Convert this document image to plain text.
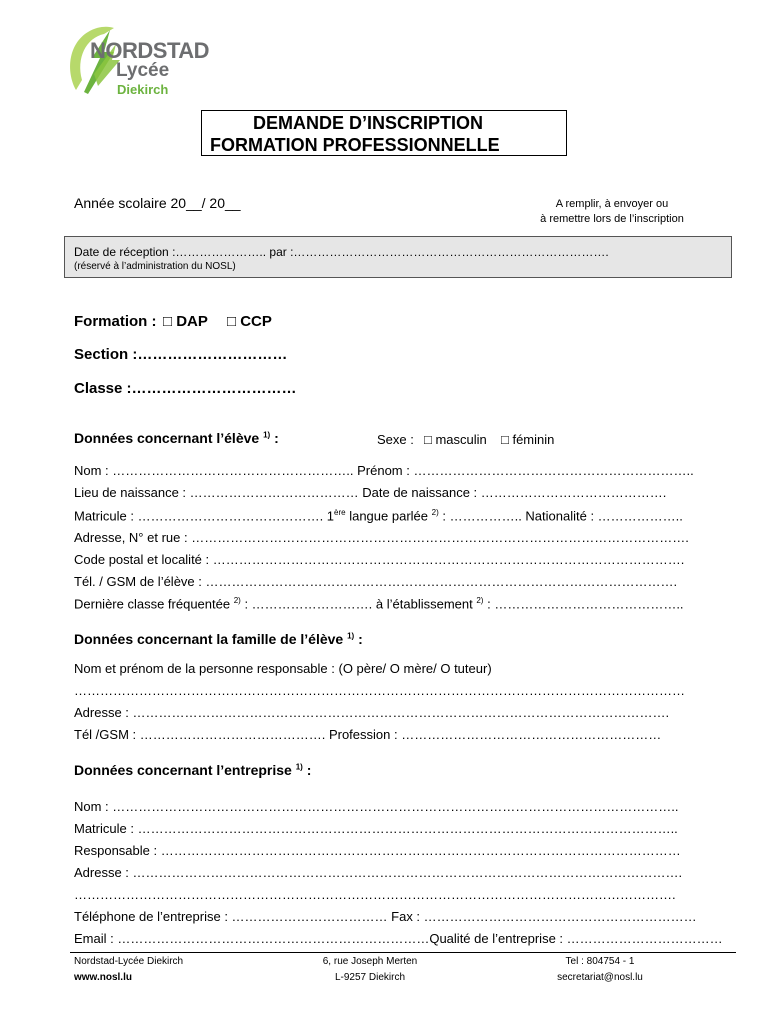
NORDSTAD
Lycée
Diekirch
DEMANDE D’INSCRIPTION
FORMATION PROFESSIONNELLE
Année scolaire 20__/ 20__	A remplir, à envoyer ou
à remettre lors de l’inscription
Date de réception :………………….. par :…………………………………………………………………….
(réservé à l’administration du NOSL)
Formation : □ DAP □ CCP
Section :…………………………
Classe :……………………………
Données concernant l’élève $^{1)}$ :	Sexe : □ masculin □ féminin
Nom : ……………………………………………….. Prénom : ………………………………………………………..
Lieu de naissance : ………………………………… Date de naissance : …………………………………….
Matricule : ……………………………………. 1ère langue parlée $^{2)}$ : …………….. Nationalité : ………………..
Adresse, N° et rue : …………………………………………………………………………………………………….
Code postal et localité : ……………………………………………………………………………………………….
Tél. / GSM de l’élève : ……………………………………………………………………………………………….
Dernière classe fréquentée $^{2)}$ : ………………………. à l’établissement $^{2)}$ : ……………………………………..
Données concernant la famille de l’élève $^{1)}$ :
Nom et prénom de la personne responsable : (O père/ O mère/ O tuteur)
……………………………………………………………………………………………………………………………
Adresse : …………………………………………………………………………………………………………….
Tél /GSM : ……………………………………. Profession : ……………………………………………………
Données concernant l’entreprise $^{1)}$ :
Nom : …………………………………………………………………………………………………………………..
Matricule : ……………………………………………………………………………………………………………..
Responsable : …………………………………………………………………………………………………………
Adresse : ……………………………………………………………………………………………………………….
………………………………………………………………………………………………………………………….
Téléphone de l’entreprise : ……………………………… Fax : ………………………………………………………
Email : ………………………………………………………………Qualité de l’entreprise : ………………………………
Nordstad-Lycée Diekirch
www.nosl.lu
6, rue Joseph Merten
L-9257 Diekirch
Tel : 804754 - 1
secretariat@nosl.lu
